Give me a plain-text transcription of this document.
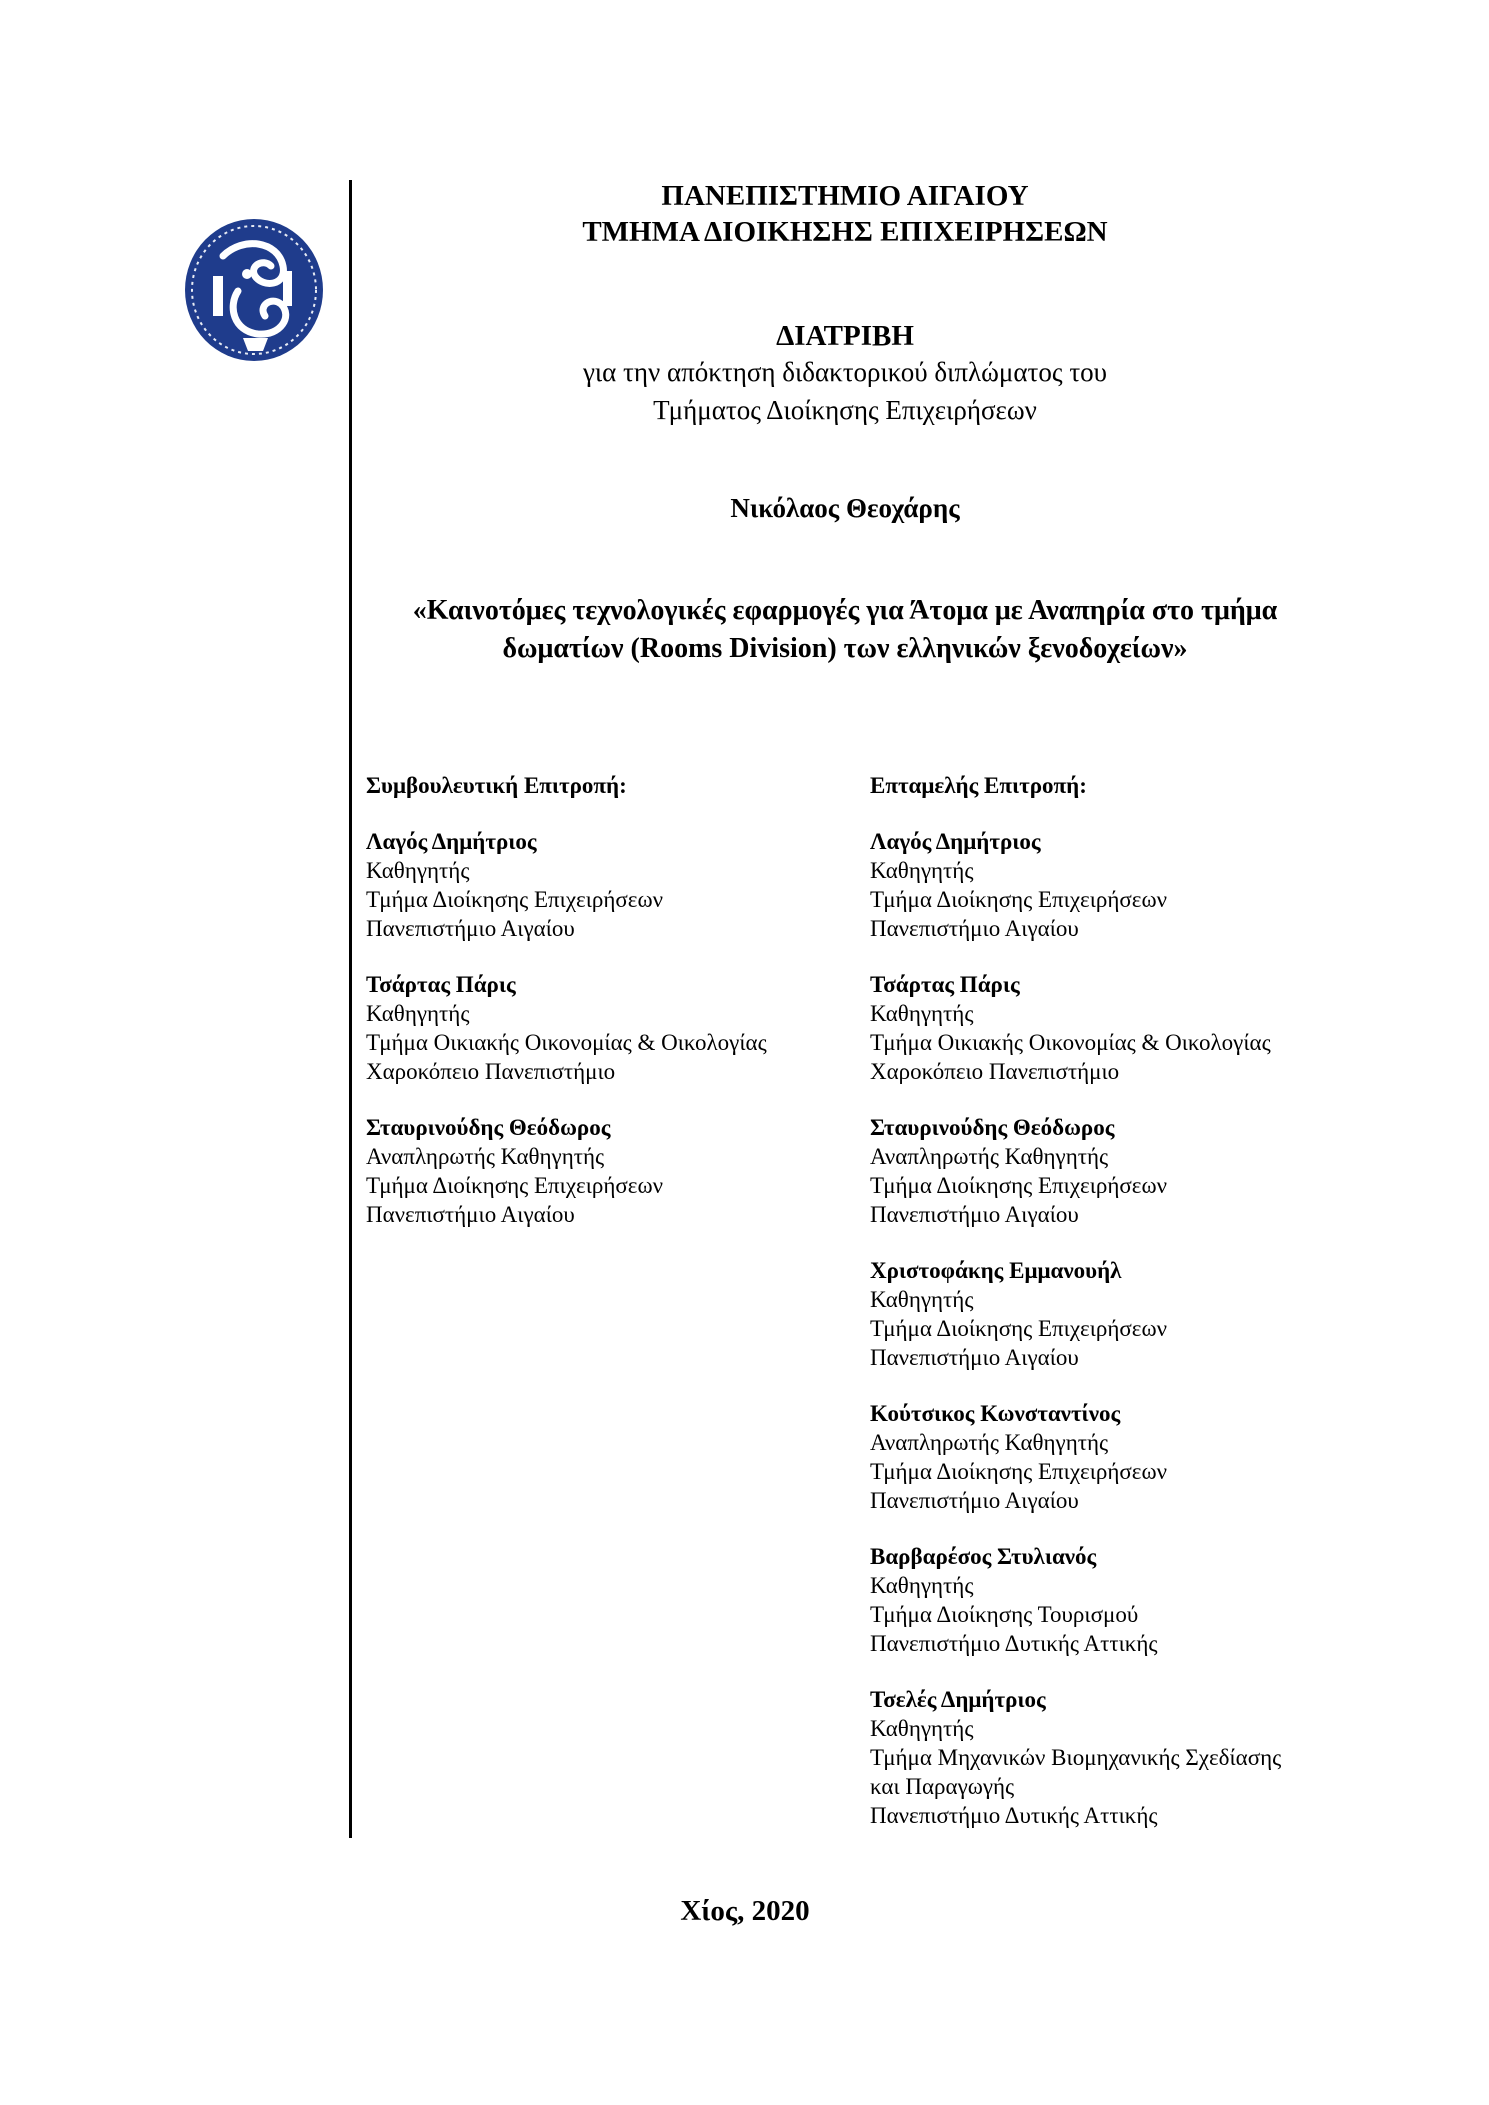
ΠΑΝΕΠΙΣΤΗΜΙΟ ΑΙΓΑΙΟΥ
ΤΜΗΜΑ ΔΙΟΙΚΗΣΗΣ ΕΠΙΧΕΙΡΗΣΕΩΝ
ΔΙΑΤΡΙΒΗ
για την απόκτηση διδακτορικού διπλώματος του
Τμήματος Διοίκησης Επιχειρήσεων
Νικόλαος Θεοχάρης
«Καινοτόμες τεχνολογικές εφαρμογές για Άτομα με Αναπηρία στο τμήμα
δωματίων (Rooms Division) των ελληνικών ξενοδοχείων»
Συμβουλευτική Επιτροπή:
Λαγός Δημήτριος
Καθηγητής
Τμήμα Διοίκησης Επιχειρήσεων
Πανεπιστήμιο Αιγαίου
Τσάρτας Πάρις
Καθηγητής
Τμήμα Οικιακής Οικονομίας & Οικολογίας
Χαροκόπειο Πανεπιστήμιο
Σταυρινούδης Θεόδωρος
Αναπληρωτής Καθηγητής
Τμήμα Διοίκησης Επιχειρήσεων
Πανεπιστήμιο Αιγαίου
Επταμελής Επιτροπή:
Λαγός Δημήτριος
Καθηγητής
Τμήμα Διοίκησης Επιχειρήσεων
Πανεπιστήμιο Αιγαίου
Τσάρτας Πάρις
Καθηγητής
Τμήμα Οικιακής Οικονομίας & Οικολογίας
Χαροκόπειο Πανεπιστήμιο
Σταυρινούδης Θεόδωρος
Αναπληρωτής Καθηγητής
Τμήμα Διοίκησης Επιχειρήσεων
Πανεπιστήμιο Αιγαίου
Χριστοφάκης Εμμανουήλ
Καθηγητής
Τμήμα Διοίκησης Επιχειρήσεων
Πανεπιστήμιο Αιγαίου
Κούτσικος Κωνσταντίνος
Αναπληρωτής Καθηγητής
Τμήμα Διοίκησης Επιχειρήσεων
Πανεπιστήμιο Αιγαίου
Βαρβαρέσος Στυλιανός
Καθηγητής
Τμήμα Διοίκησης Τουρισμού
Πανεπιστήμιο Δυτικής Αττικής
Τσελές Δημήτριος
Καθηγητής
Τμήμα Μηχανικών Βιομηχανικής Σχεδίασης
και Παραγωγής
Πανεπιστήμιο Δυτικής Αττικής
Χίος, 2020
